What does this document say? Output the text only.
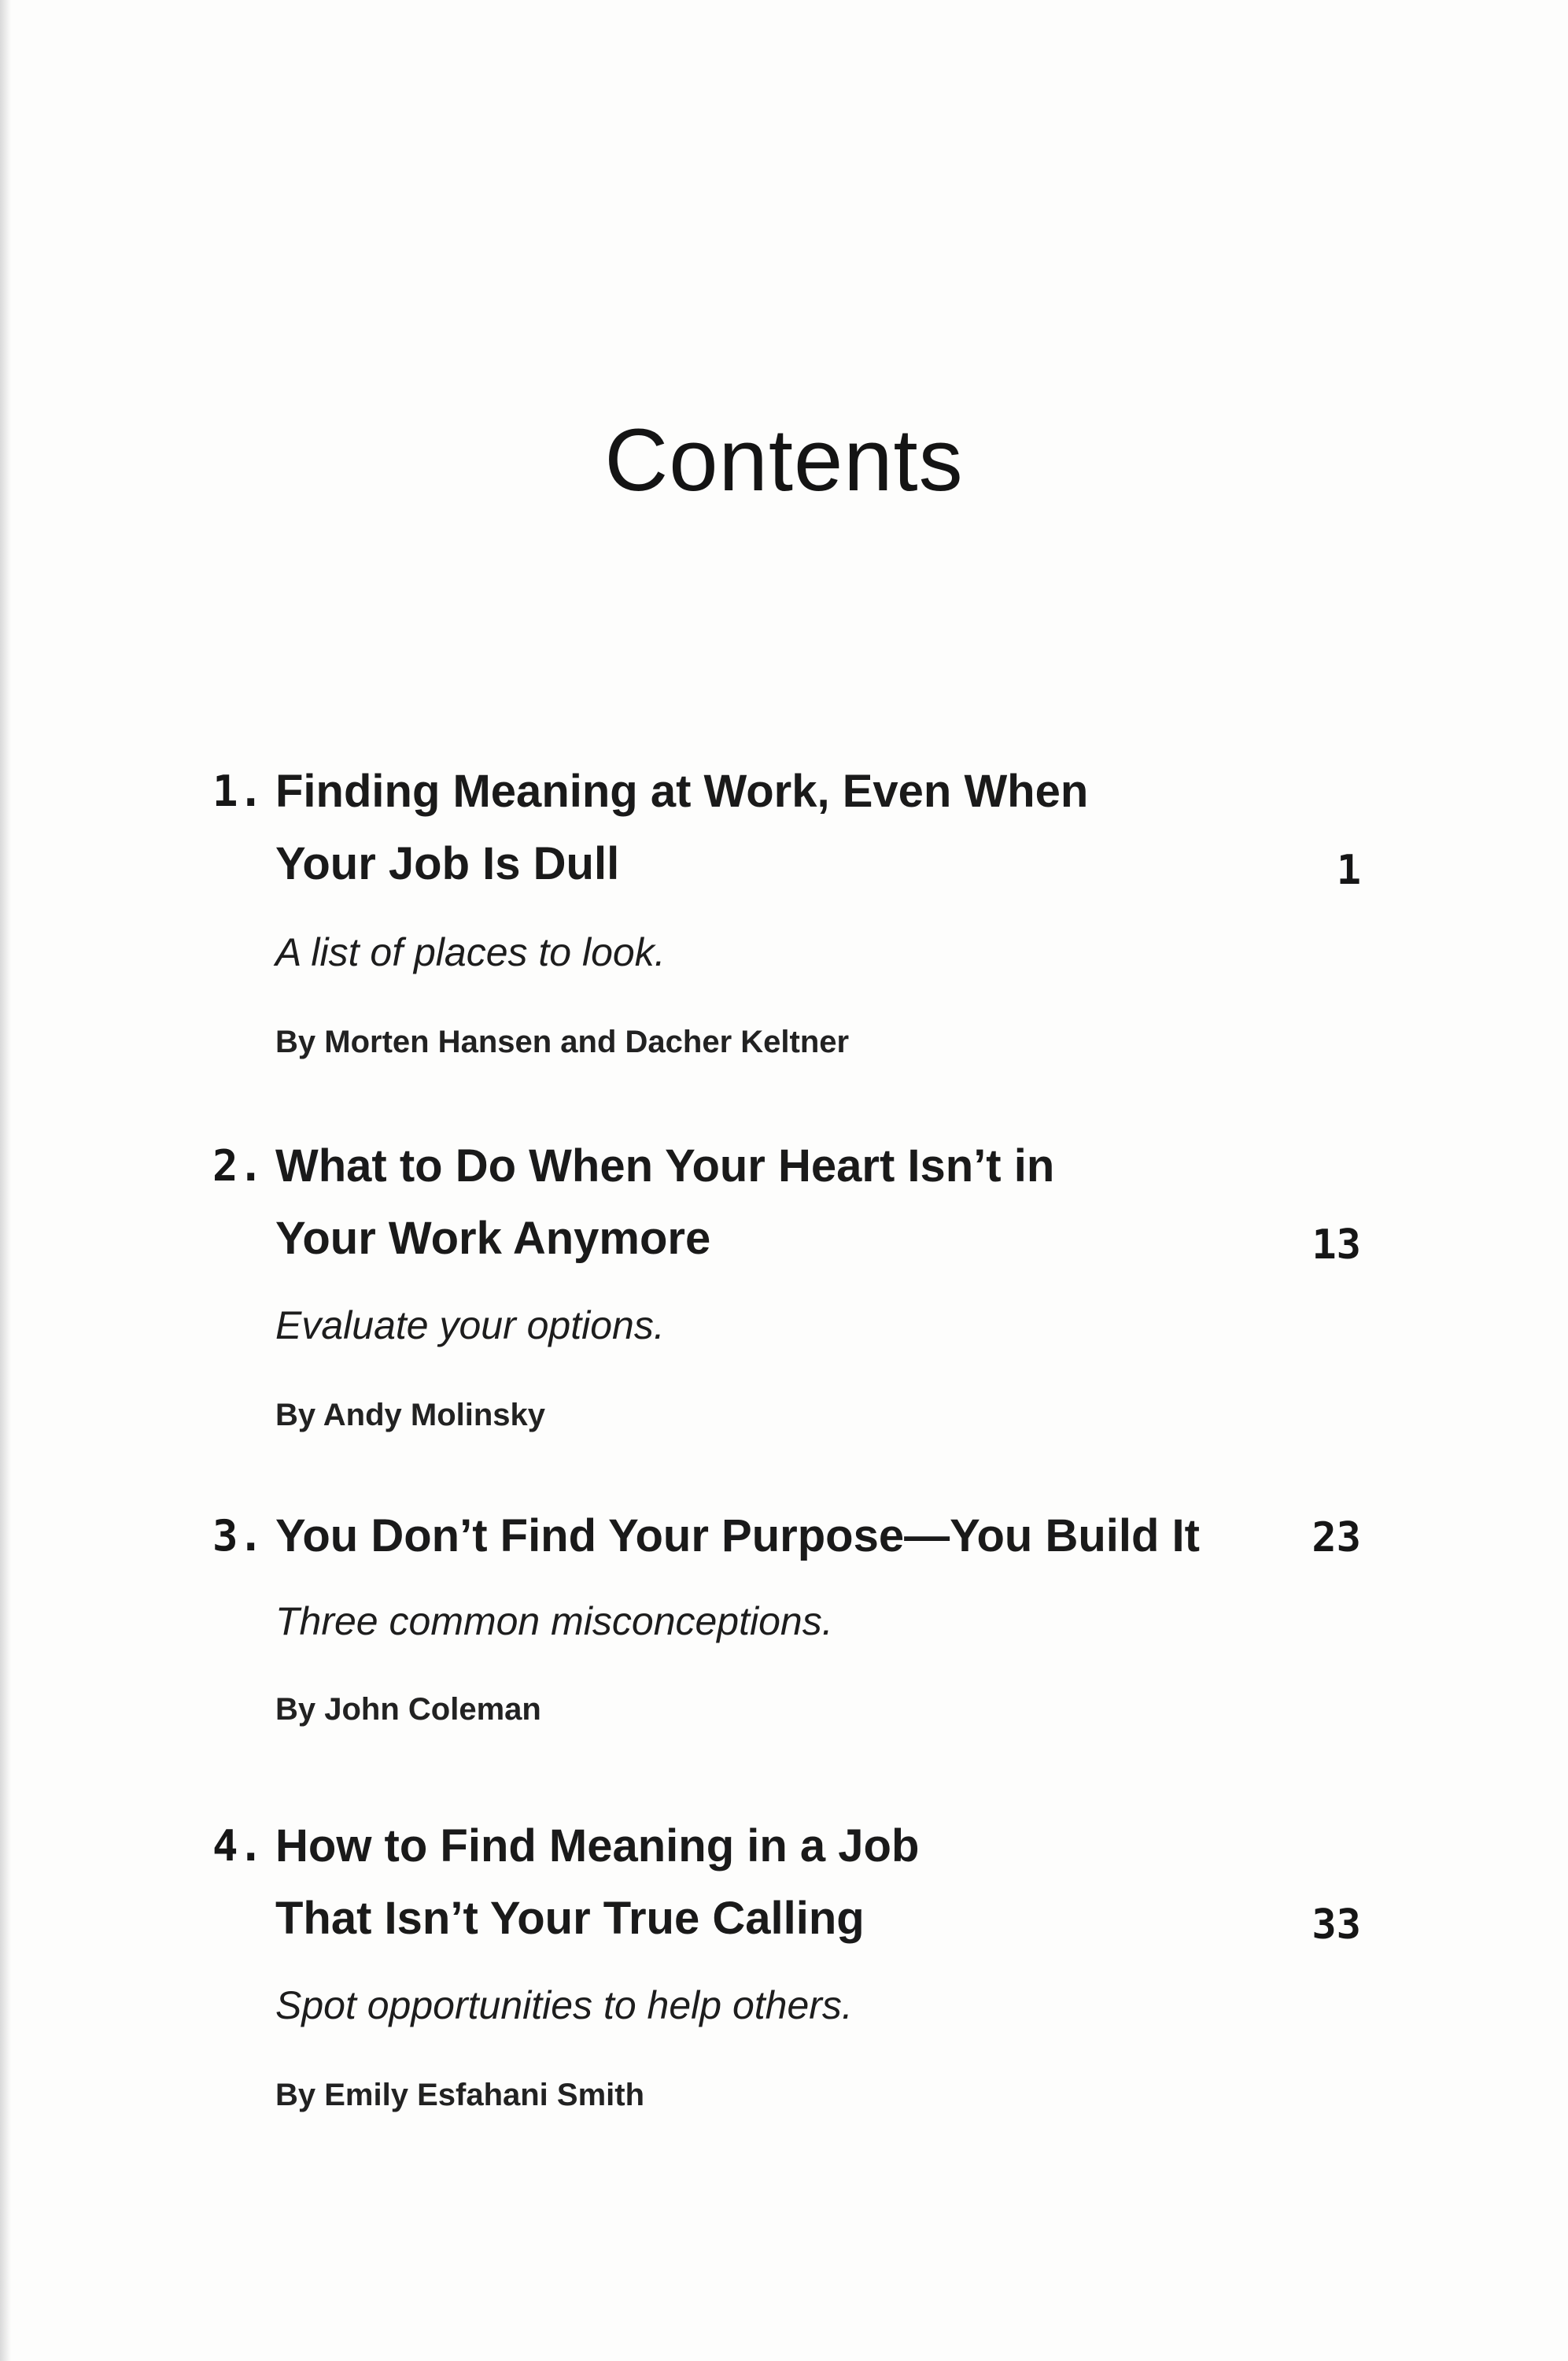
Contents
1. Finding Meaning at Work, Even When
Your Job Is Dull	1
A list of places to look.
By Morten Hansen and Dacher Keltner
2. What to Do When Your Heart Isn’t in
Your Work Anymore	13
Evaluate your options.
By Andy Molinsky
3. You Don’t Find Your Purpose—You Build It	23
Three common misconceptions.
By John Coleman
4. How to Find Meaning in a Job
That Isn’t Your True Calling	33
Spot opportunities to help others.
By Emily Esfahani Smith
